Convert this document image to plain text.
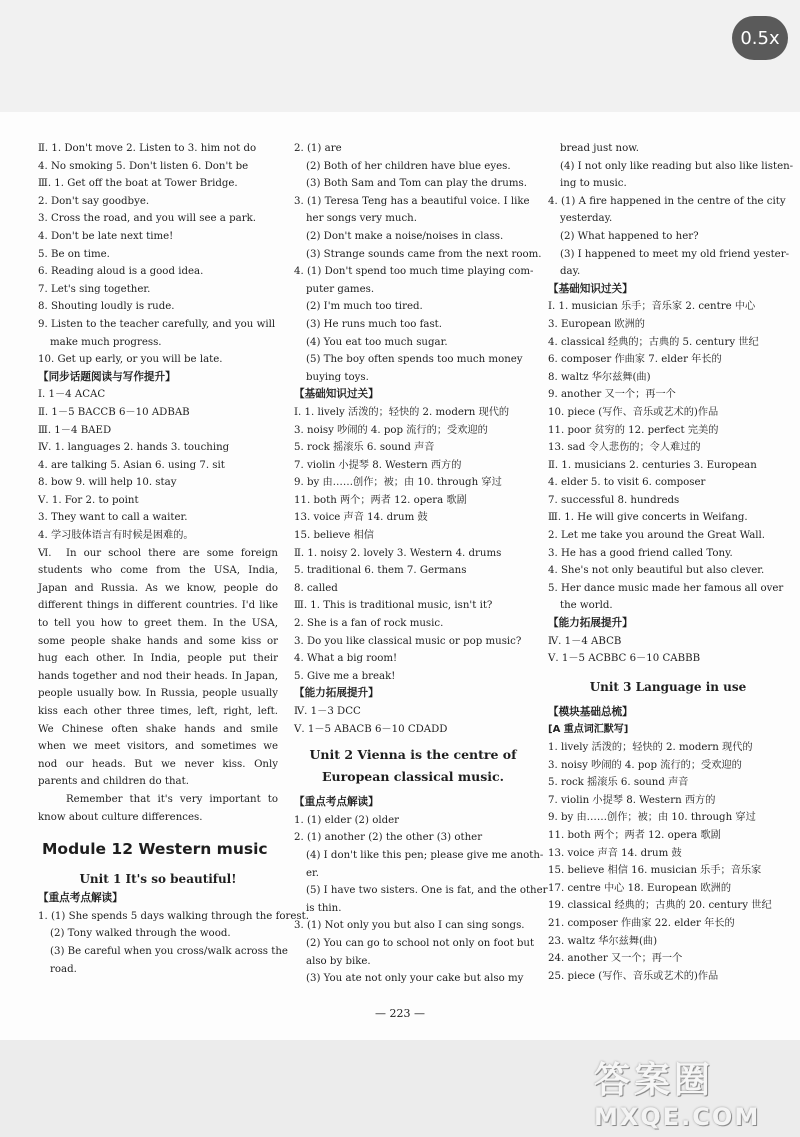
0.5x
Ⅱ. 1. Don't move 2. Listen to 3. him not do
4. No smoking 5. Don't listen 6. Don't be
Ⅲ. 1. Get off the boat at Tower Bridge.
2. Don't say goodbye.
3. Cross the road, and you will see a park.
4. Don't be late next time!
5. Be on time.
6. Reading aloud is a good idea.
7. Let's sing together.
8. Shouting loudly is rude.
9. Listen to the teacher carefully, and you will
make much progress.
10. Get up early, or you will be late.
【同步话题阅读与写作提升】
Ⅰ. 1－4 ACAC
Ⅱ. 1－5 BACCB 6－10 ADBAB
Ⅲ. 1－4 BAED
Ⅳ. 1. languages 2. hands 3. touching
4. are talking 5. Asian 6. using 7. sit
8. bow 9. will help 10. stay
Ⅴ. 1. For 2. to point
3. They want to call a waiter.
4. 学习肢体语言有时候是困难的。
Ⅵ.	In our school there are some foreign students who come from the USA, India, Japan and Russia. As we know, people do different things in different countries. I'd like to tell you how to greet them. In the USA, some people shake hands and some kiss or hug each other. In India, people put their hands together and nod their heads. In Japan, people usually bow. In Russia, people usually kiss each other three times, left, right, left. We Chinese often shake hands and smile when we meet visitors, and sometimes we nod our heads. But we never kiss. Only parents and children do that.
Remember that it's very important to know about culture differences.
Module 12 Western music
Unit 1 It's so beautiful!
【重点考点解读】
1. (1) She spends 5 days walking through the forest.
(2) Tony walked through the wood.
(3) Be careful when you cross/walk across the
road.
2. (1) are
(2) Both of her children have blue eyes.
(3) Both Sam and Tom can play the drums.
3. (1) Teresa Teng has a beautiful voice. I like
her songs very much.
(2) Don't make a noise/noises in class.
(3) Strange sounds came from the next room.
4. (1) Don't spend too much time playing com-
puter games.
(2) I'm much too tired.
(3) He runs much too fast.
(4) You eat too much sugar.
(5) The boy often spends too much money
buying toys.
【基础知识过关】
Ⅰ. 1. lively 活泼的；轻快的 2. modern 现代的
3. noisy 吵闹的 4. pop 流行的；受欢迎的
5. rock 摇滚乐 6. sound 声音
7. violin 小提琴 8. Western 西方的
9. by 由……创作；被；由 10. through 穿过
11. both 两个；两者 12. opera 歌剧
13. voice 声音 14. drum 鼓
15. believe 相信
Ⅱ. 1. noisy 2. lovely 3. Western 4. drums
5. traditional 6. them 7. Germans
8. called
Ⅲ. 1. This is traditional music, isn't it?
2. She is a fan of rock music.
3. Do you like classical music or pop music?
4. What a big room!
5. Give me a break!
【能力拓展提升】
Ⅳ. 1－3 DCC
Ⅴ. 1－5 ABACB 6－10 CDADD
Unit 2 Vienna is the centre of
European classical music.
【重点考点解读】
1. (1) elder (2) older
2. (1) another (2) the other (3) other
(4) I don't like this pen; please give me anoth-
er.
(5) I have two sisters. One is fat, and the other
is thin.
3. (1) Not only you but also I can sing songs.
(2) You can go to school not only on foot but
also by bike.
(3) You ate not only your cake but also my
bread just now.
(4) I not only like reading but also like listen-
ing to music.
4. (1) A fire happened in the centre of the city
yesterday.
(2) What happened to her?
(3) I happened to meet my old friend yester-
day.
【基础知识过关】
Ⅰ. 1. musician 乐手；音乐家 2. centre 中心
3. European 欧洲的
4. classical 经典的；古典的 5. century 世纪
6. composer 作曲家 7. elder 年长的
8. waltz 华尔兹舞(曲)
9. another 又一个；再一个
10. piece (写作、音乐或艺术的)作品
11. poor 贫穷的 12. perfect 完美的
13. sad 令人悲伤的；令人难过的
Ⅱ. 1. musicians 2. centuries 3. European
4. elder 5. to visit 6. composer
7. successful 8. hundreds
Ⅲ. 1. He will give concerts in Weifang.
2. Let me take you around the Great Wall.
3. He has a good friend called Tony.
4. She's not only beautiful but also clever.
5. Her dance music made her famous all over
the world.
【能力拓展提升】
Ⅳ. 1－4 ABCB
Ⅴ. 1－5 ACBBC 6－10 CABBB
Unit 3 Language in use
【模块基础总梳】
[A 重点词汇默写]
1. lively 活泼的；轻快的 2. modern 现代的
3. noisy 吵闹的 4. pop 流行的；受欢迎的
5. rock 摇滚乐 6. sound 声音
7. violin 小提琴 8. Western 西方的
9. by 由……创作；被；由 10. through 穿过
11. both 两个；两者 12. opera 歌剧
13. voice 声音 14. drum 鼓
15. believe 相信 16. musician 乐手；音乐家
17. centre 中心 18. European 欧洲的
19. classical 经典的；古典的 20. century 世纪
21. composer 作曲家 22. elder 年长的
23. waltz 华尔兹舞(曲)
24. another 又一个；再一个
25. piece (写作、音乐或艺术的)作品
— 223 —
答案圈
MXQE.COM
